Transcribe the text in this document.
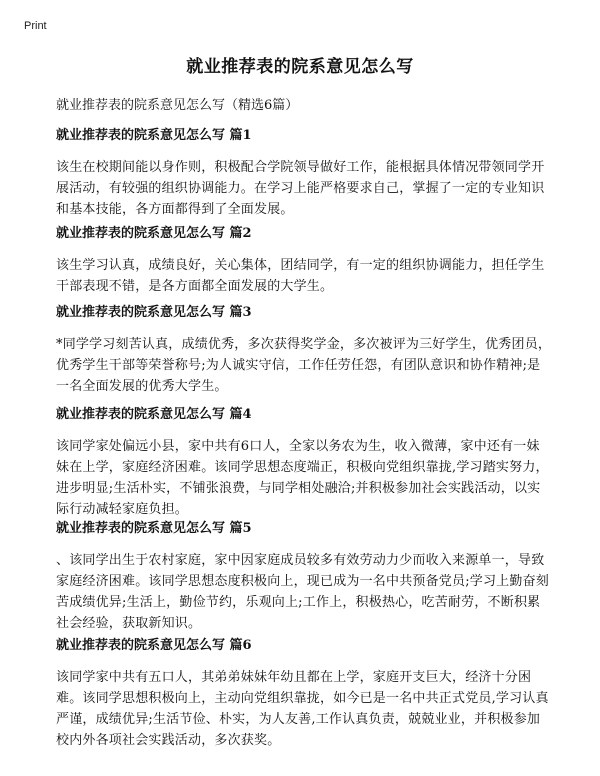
Print
就业推荐表的院系意见怎么写
就业推荐表的院系意见怎么写（精选6篇）

就业推荐表的院系意见怎么写 篇1

该生在校期间能以身作则，积极配合学院领导做好工作，能根据具体情况带领同学开展活动，有较强的组织协调能力。在学习上能严格要求自己，掌握了一定的专业知识和基本技能，各方面都得到了全面发展。

就业推荐表的院系意见怎么写 篇2

该生学习认真，成绩良好，关心集体，团结同学，有一定的组织协调能力，担任学生干部表现不错，是各方面都全面发展的大学生。

就业推荐表的院系意见怎么写 篇3

*同学学习刻苦认真，成绩优秀，多次获得奖学金，多次被评为三好学生，优秀团员，优秀学生干部等荣誉称号;为人诚实守信，工作任劳任怨，有团队意识和协作精神;是一名全面发展的优秀大学生。

就业推荐表的院系意见怎么写 篇4

该同学家处偏远小县，家中共有6口人，全家以务农为生，收入微薄，家中还有一妹妹在上学，家庭经济困难。该同学思想态度端正，积极向党组织靠拢,学习踏实努力，进步明显;生活朴实，不铺张浪费，与同学相处融洽;并积极参加社会实践活动，以实际行动减轻家庭负担。

就业推荐表的院系意见怎么写 篇5

、该同学出生于农村家庭，家中因家庭成员较多有效劳动力少而收入来源单一，导致家庭经济困难。该同学思想态度积极向上，现已成为一名中共预备党员;学习上勤奋刻苦成绩优异;生活上，勤俭节约，乐观向上;工作上，积极热心，吃苦耐劳，不断积累社会经验，获取新知识。

就业推荐表的院系意见怎么写 篇6

该同学家中共有五口人，其弟弟妹妹年幼且都在上学，家庭开支巨大，经济十分困难。该同学思想积极向上，主动向党组织靠拢，如今已是一名中共正式党员,学习认真严谨，成绩优异;生活节俭、朴实，为人友善,工作认真负责，兢兢业业，并积极参加校内外各项社会实践活动，多次获奖。
